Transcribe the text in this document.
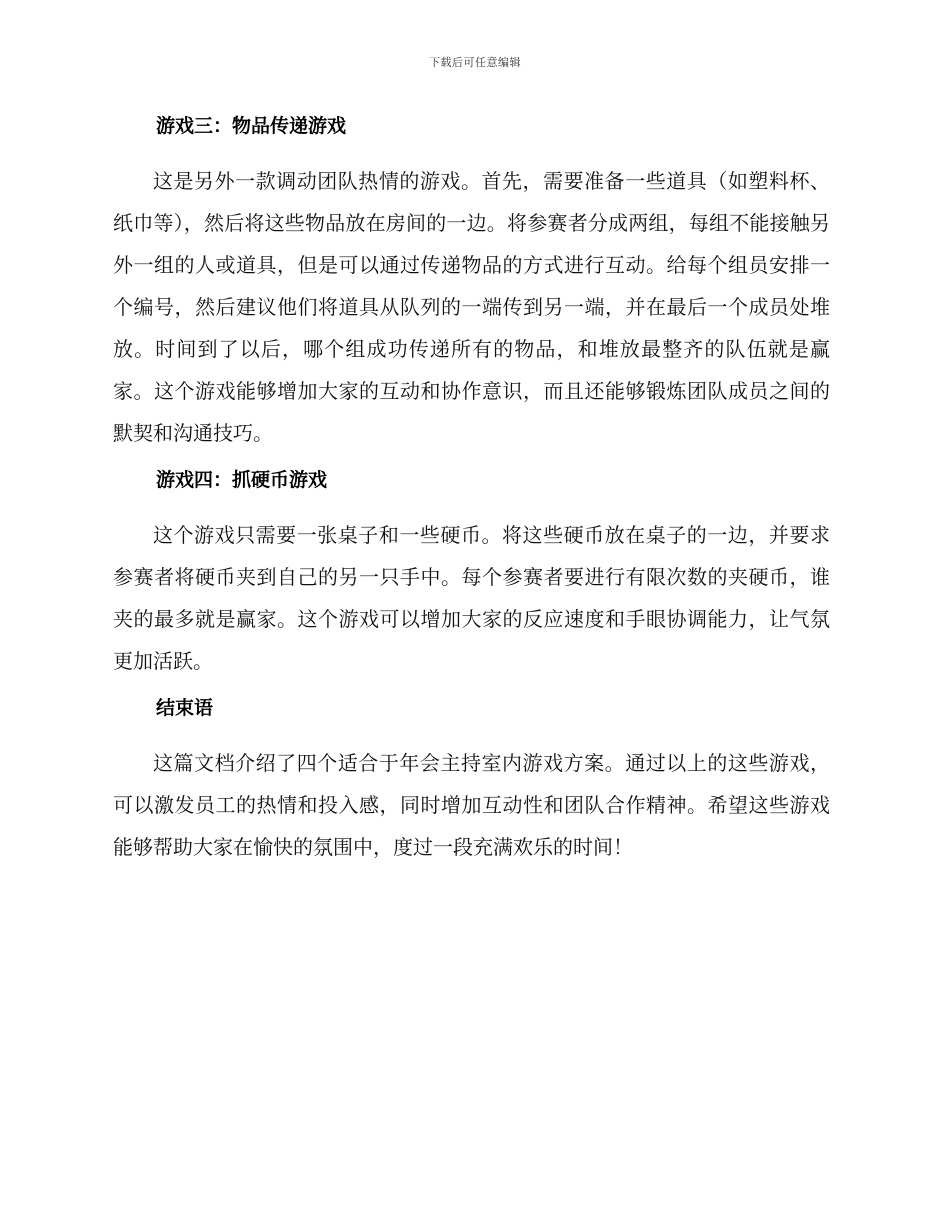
下载后可任意编辑
游戏三：物品传递游戏

这是另外一款调动团队热情的游戏。首先，需要准备一些道具（如塑料杯、纸巾等），然后将这些物品放在房间的一边。将参赛者分成两组，每组不能接触另外一组的人或道具，但是可以通过传递物品的方式进行互动。给每个组员安排一个编号，然后建议他们将道具从队列的一端传到另一端，并在最后一个成员处堆放。时间到了以后，哪个组成功传递所有的物品，和堆放最整齐的队伍就是赢家。这个游戏能够增加大家的互动和协作意识，而且还能够锻炼团队成员之间的默契和沟通技巧。

游戏四：抓硬币游戏

这个游戏只需要一张桌子和一些硬币。将这些硬币放在桌子的一边，并要求参赛者将硬币夹到自己的另一只手中。每个参赛者要进行有限次数的夹硬币，谁夹的最多就是赢家。这个游戏可以增加大家的反应速度和手眼协调能力，让气氛更加活跃。

结束语

这篇文档介绍了四个适合于年会主持室内游戏方案。通过以上的这些游戏，可以激发员工的热情和投入感，同时增加互动性和团队合作精神。希望这些游戏能够帮助大家在愉快的氛围中，度过一段充满欢乐的时间！
